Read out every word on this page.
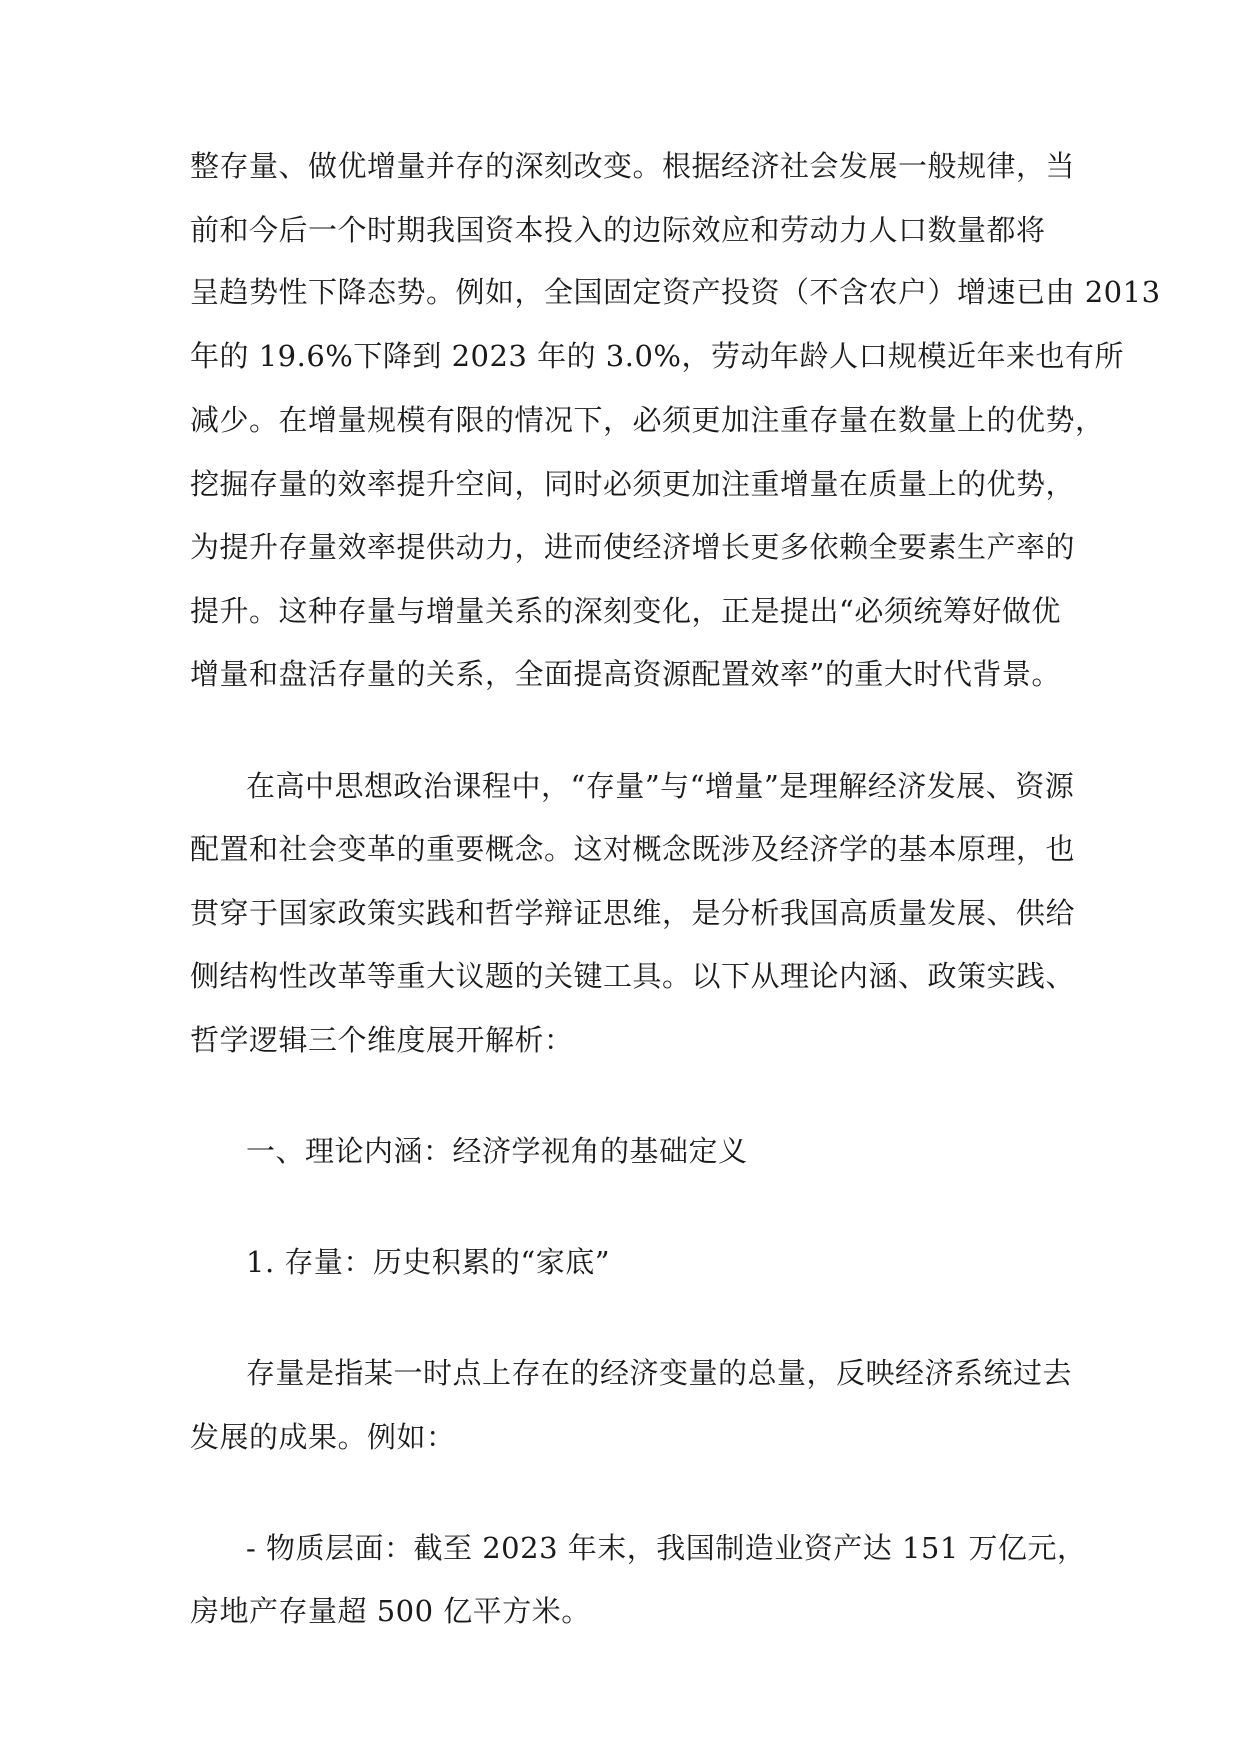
整存量、做优增量并存的深刻改变。根据经济社会发展一般规律，当
前和今后一个时期我国资本投入的边际效应和劳动力人口数量都将
呈趋势性下降态势。例如，全国固定资产投资（不含农户）增速已由 2013
年的 19.6%下降到 2023 年的 3.0%，劳动年龄人口规模近年来也有所
减少。在增量规模有限的情况下，必须更加注重存量在数量上的优势，
挖掘存量的效率提升空间，同时必须更加注重增量在质量上的优势，
为提升存量效率提供动力，进而使经济增长更多依赖全要素生产率的
提升。这种存量与增量关系的深刻变化，正是提出“必须统筹好做优
增量和盘活存量的关系，全面提高资源配置效率”的重大时代背景。
在高中思想政治课程中，“存量”与“增量”是理解经济发展、资源
配置和社会变革的重要概念。这对概念既涉及经济学的基本原理，也
贯穿于国家政策实践和哲学辩证思维，是分析我国高质量发展、供给
侧结构性改革等重大议题的关键工具。以下从理论内涵、政策实践、
哲学逻辑三个维度展开解析：
一、理论内涵：经济学视角的基础定义
1. 存量：历史积累的“家底”
存量是指某一时点上存在的经济变量的总量，反映经济系统过去
发展的成果。例如：
- 物质层面：截至 2023 年末，我国制造业资产达 151 万亿元，
房地产存量超 500 亿平方米。
